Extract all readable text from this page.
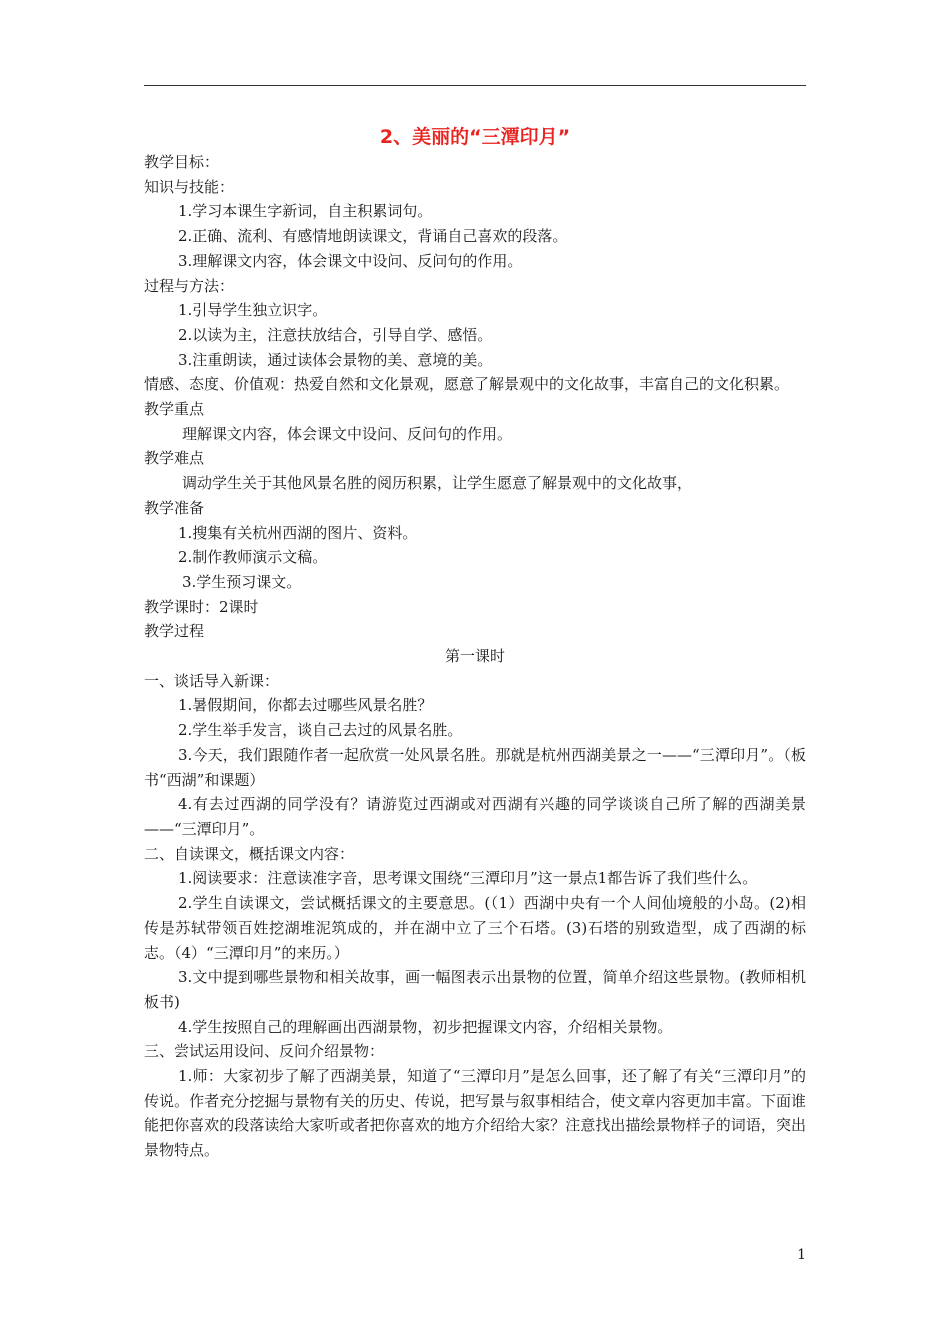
2、美丽的“三潭印月”
教学目标：
知识与技能：
1.学习本课生字新词，自主积累词句。
2.正确、流利、有感情地朗读课文，背诵自己喜欢的段落。
3.理解课文内容，体会课文中设问、反问句的作用。
过程与方法：
1.引导学生独立识字。
2.以读为主，注意扶放结合，引导自学、感悟。
3.注重朗读，通过读体会景物的美、意境的美。
情感、态度、价值观：热爱自然和文化景观，愿意了解景观中的文化故事，丰富自己的文化积累。
教学重点
理解课文内容，体会课文中设问、反问句的作用。
教学难点
调动学生关于其他风景名胜的阅历积累，让学生愿意了解景观中的文化故事，
教学准备
1.搜集有关杭州西湖的图片、资料。
2.制作教师演示文稿。
3.学生预习课文。
教学课时：2课时
教学过程
第一课时
一、谈话导入新课：
1.暑假期间，你都去过哪些风景名胜？
2.学生举手发言，谈自己去过的风景名胜。
3.今天，我们跟随作者一起欣赏一处风景名胜。那就是杭州西湖美景之一——“三潭印月”。（板书“西湖”和课题）
4.有去过西湖的同学没有？请游览过西湖或对西湖有兴趣的同学谈谈自己所了解的西湖美景——“三潭印月”。
二、自读课文，概括课文内容：
1.阅读要求：注意读准字音，思考课文围绕“三潭印月”这一景点1都告诉了我们些什么。
2.学生自读课文，尝试概括课文的主要意思。(（1）西湖中央有一个人间仙境般的小岛。(2)相传是苏轼带领百姓挖湖堆泥筑成的，并在湖中立了三个石塔。(3)石塔的别致造型，成了西湖的标志。（4）“三潭印月”的来历。）
3.文中提到哪些景物和相关故事，画一幅图表示出景物的位置，简单介绍这些景物。(教师相机板书)
4.学生按照自己的理解画出西湖景物，初步把握课文内容，介绍相关景物。
三、尝试运用设问、反问介绍景物：
1.师：大家初步了解了西湖美景，知道了“三潭印月”是怎么回事，还了解了有关“三潭印月”的传说。作者充分挖掘与景物有关的历史、传说，把写景与叙事相结合，使文章内容更加丰富。下面谁能把你喜欢的段落读给大家听或者把你喜欢的地方介绍给大家？注意找出描绘景物样子的词语，突出景物特点。
1
